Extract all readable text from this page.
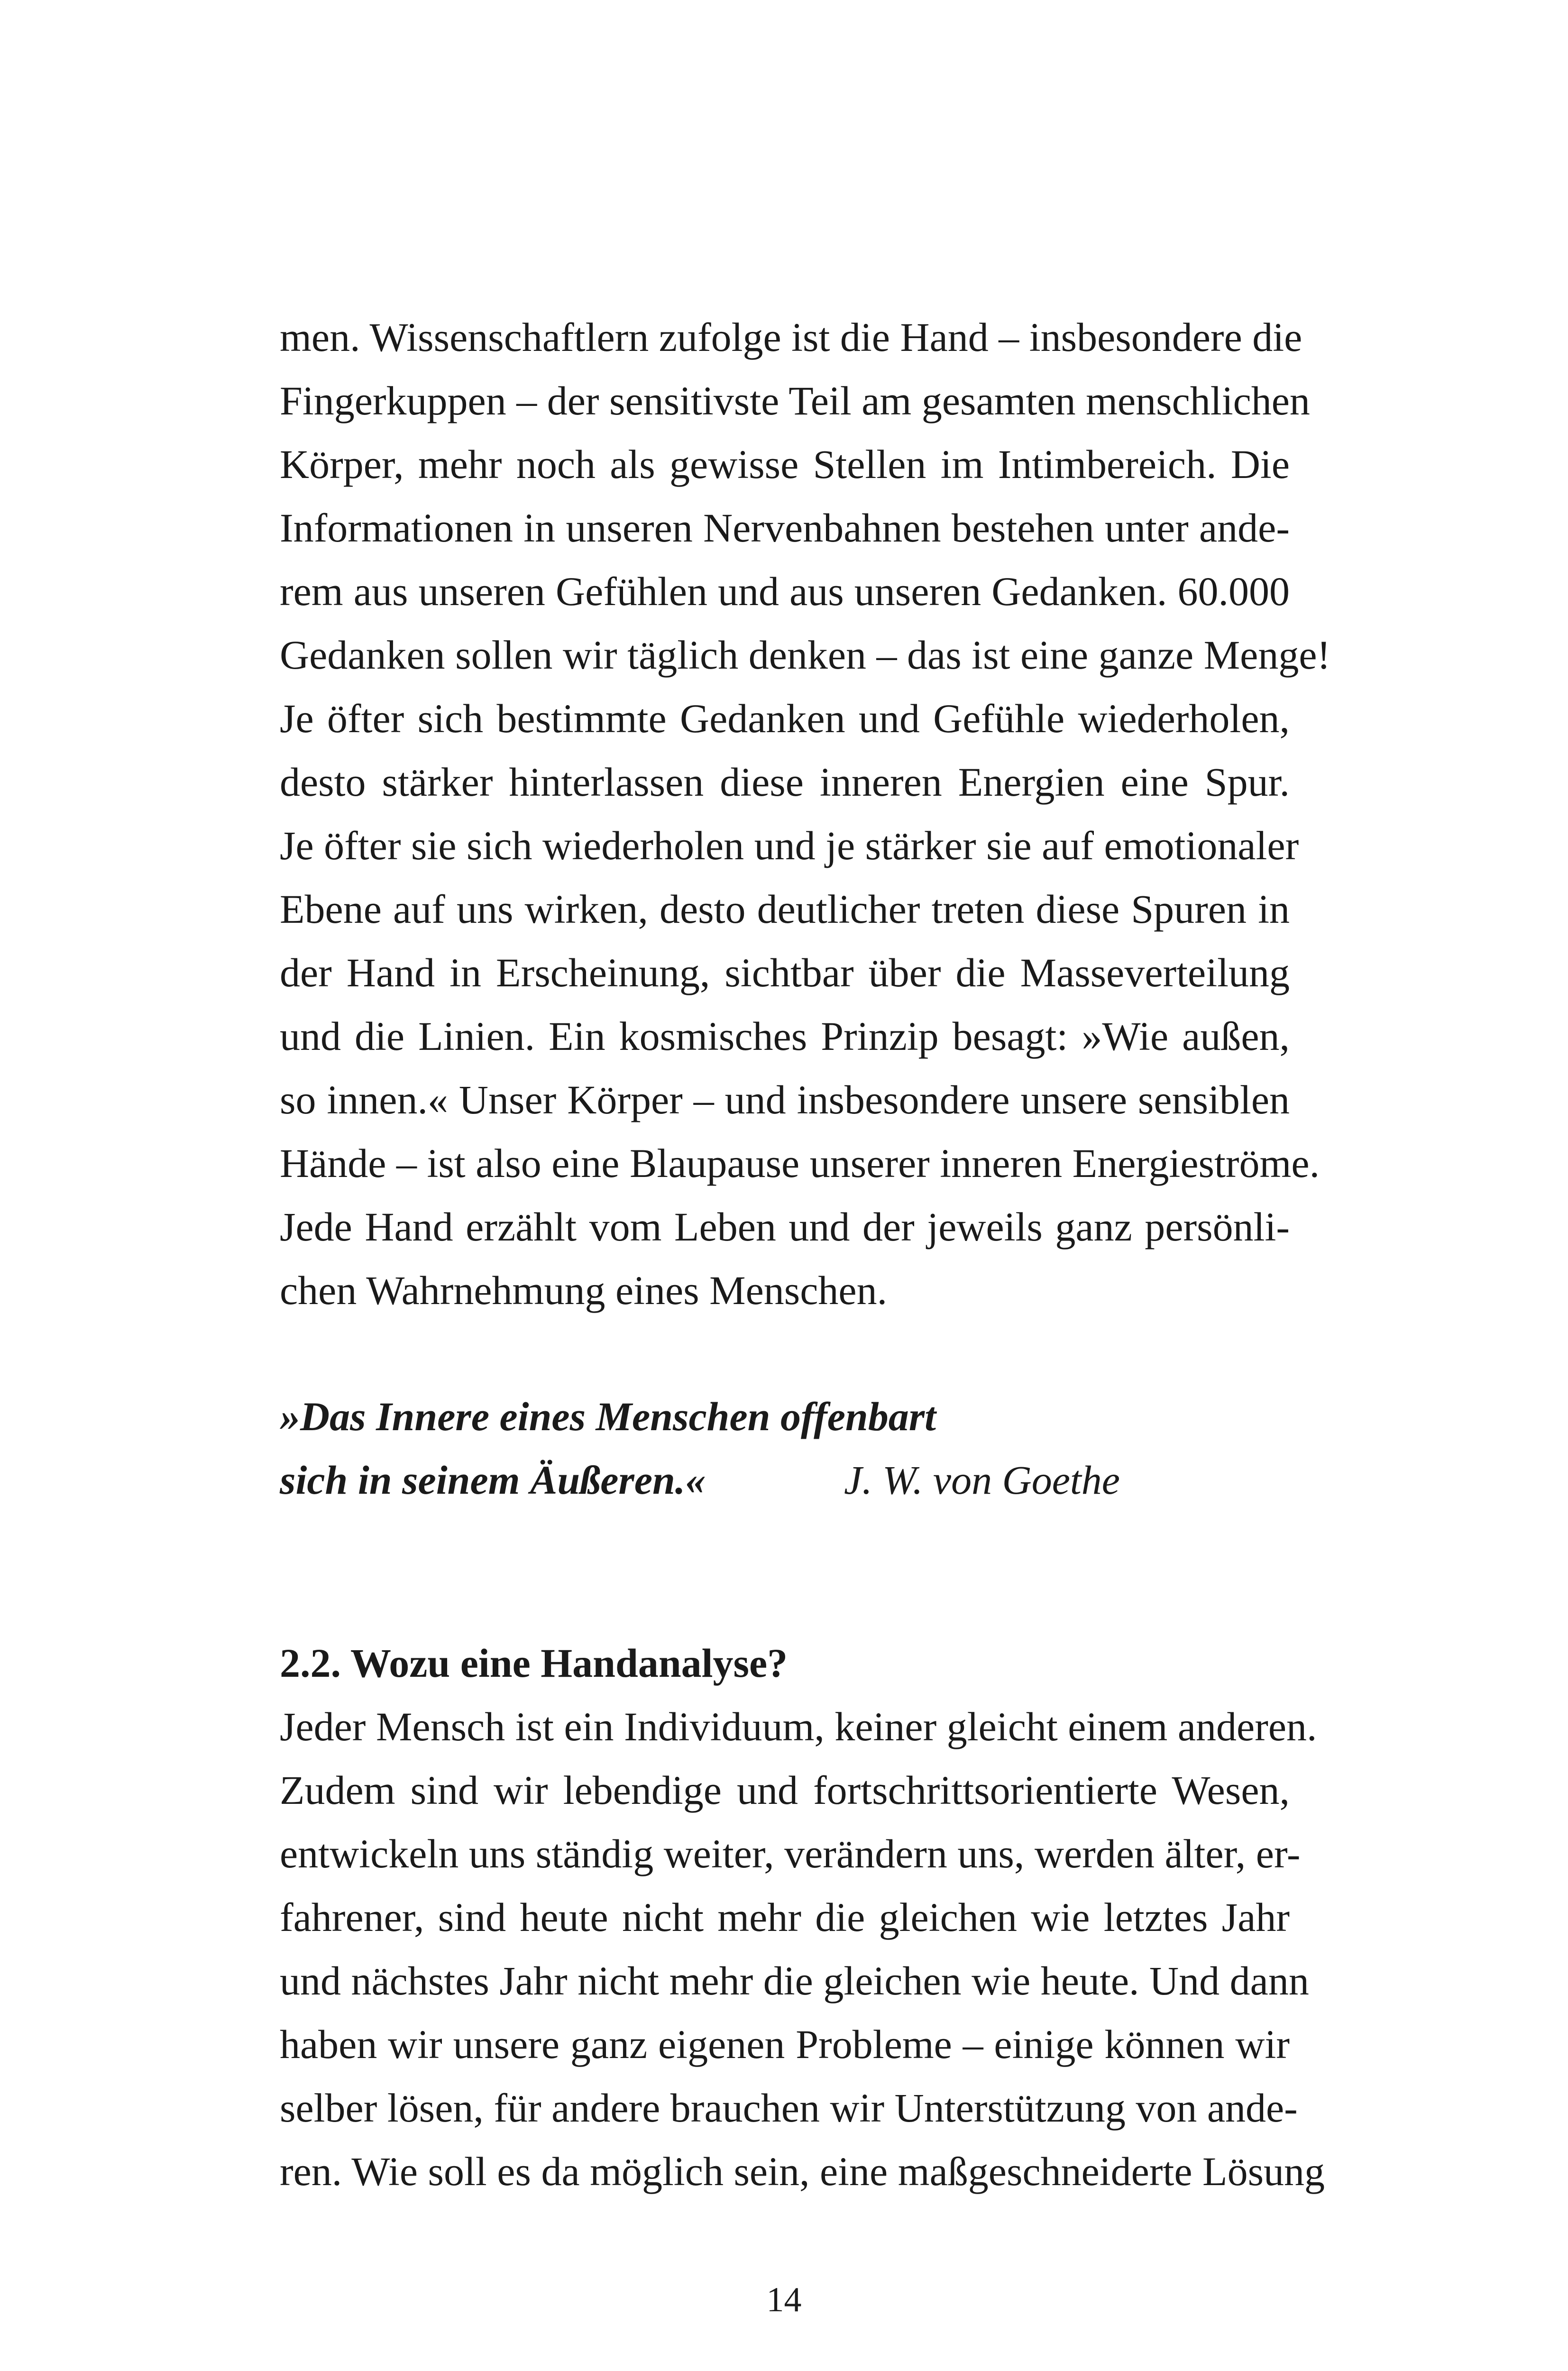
men. Wissenschaftlern zufolge ist die Hand – insbesondere die
Fingerkuppen – der sensitivste Teil am gesamten menschlichen
Körper, mehr noch als gewisse Stellen im Intimbereich. Die
Informationen in unseren Nervenbahnen bestehen unter ande-
rem aus unseren Gefühlen und aus unseren Gedanken. 60.000
Gedanken sollen wir täglich denken – das ist eine ganze Menge!
Je öfter sich bestimmte Gedanken und Gefühle wiederholen,
desto stärker hinterlassen diese inneren Energien eine Spur.
Je öfter sie sich wiederholen und je stärker sie auf emotionaler
Ebene auf uns wirken, desto deutlicher treten diese Spuren in
der Hand in Erscheinung, sichtbar über die Masseverteilung
und die Linien. Ein kosmisches Prinzip besagt: »Wie außen,
so innen.« Unser Körper – und insbesondere unsere sensiblen
Hände – ist also eine Blaupause unserer inneren Energieströme.
Jede Hand erzählt vom Leben und der jeweils ganz persönli-
chen Wahrnehmung eines Menschen.
»Das Innere eines Menschen offenbart
sich in seinem Äußeren.«	J. W. von Goethe
2.2. Wozu eine Handanalyse?
Jeder Mensch ist ein Individuum, keiner gleicht einem anderen.
Zudem sind wir lebendige und fortschrittsorientierte Wesen,
entwickeln uns ständig weiter, verändern uns, werden älter, er-
fahrener, sind heute nicht mehr die gleichen wie letztes Jahr
und nächstes Jahr nicht mehr die gleichen wie heute. Und dann
haben wir unsere ganz eigenen Probleme – einige können wir
selber lösen, für andere brauchen wir Unterstützung von ande-
ren. Wie soll es da möglich sein, eine maßgeschneiderte Lösung
14
